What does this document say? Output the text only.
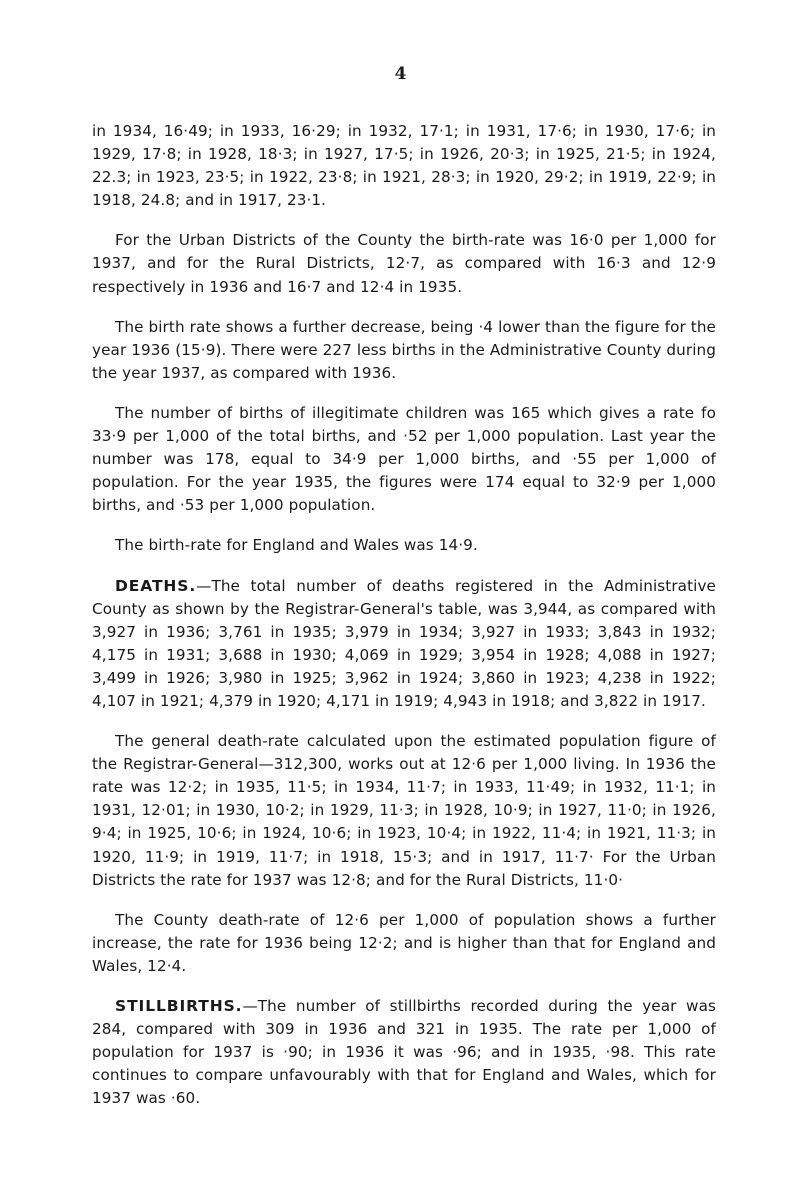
4

in 1934, 16·49; in 1933, 16·29; in 1932, 17·1; in 1931, 17·6; in 1930, 17·6; in 1929, 17·8; in 1928, 18·3; in 1927, 17·5; in 1926, 20·3; in 1925, 21·5; in 1924, 22.3; in 1923, 23·5; in 1922, 23·8; in 1921, 28·3; in 1920, 29·2; in 1919, 22·9; in 1918, 24.8; and in 1917, 23·1.

For the Urban Districts of the County the birth-rate was 16·0 per 1,000 for 1937, and for the Rural Districts, 12·7, as compared with 16·3 and 12·9 respectively in 1936 and 16·7 and 12·4 in 1935.

The birth rate shows a further decrease, being ·4 lower than the figure for the year 1936 (15·9). There were 227 less births in the Administrative County during the year 1937, as compared with 1936.

The number of births of illegitimate children was 165 which gives a rate fo 33·9 per 1,000 of the total births, and ·52 per 1,000 population. Last year the number was 178, equal to 34·9 per 1,000 births, and ·55 per 1,000 of population. For the year 1935, the figures were 174 equal to 32·9 per 1,000 births, and ·53 per 1,000 population.

The birth-rate for England and Wales was 14·9.

DEATHS.—The total number of deaths registered in the Administrative County as shown by the Registrar-General's table, was 3,944, as compared with 3,927 in 1936; 3,761 in 1935; 3,979 in 1934; 3,927 in 1933; 3,843 in 1932; 4,175 in 1931; 3,688 in 1930; 4,069 in 1929; 3,954 in 1928; 4,088 in 1927; 3,499 in 1926; 3,980 in 1925; 3,962 in 1924; 3,860 in 1923; 4,238 in 1922; 4,107 in 1921; 4,379 in 1920; 4,171 in 1919; 4,943 in 1918; and 3,822 in 1917.

The general death-rate calculated upon the estimated population figure of the Registrar-General—312,300, works out at 12·6 per 1,000 living. In 1936 the rate was 12·2; in 1935, 11·5; in 1934, 11·7; in 1933, 11·49; in 1932, 11·1; in 1931, 12·01; in 1930, 10·2; in 1929, 11·3; in 1928, 10·9; in 1927, 11·0; in 1926, 9·4; in 1925, 10·6; in 1924, 10·6; in 1923, 10·4; in 1922, 11·4; in 1921, 11·3; in 1920, 11·9; in 1919, 11·7; in 1918, 15·3; and in 1917, 11·7· For the Urban Districts the rate for 1937 was 12·8; and for the Rural Districts, 11·0·

The County death-rate of 12·6 per 1,000 of population shows a further increase, the rate for 1936 being 12·2; and is higher than that for England and Wales, 12·4.

STILLBIRTHS.—The number of stillbirths recorded during the year was 284, compared with 309 in 1936 and 321 in 1935. The rate per 1,000 of population for 1937 is ·90; in 1936 it was ·96; and in 1935, ·98. This rate continues to compare unfavourably with that for England and Wales, which for 1937 was ·60.
